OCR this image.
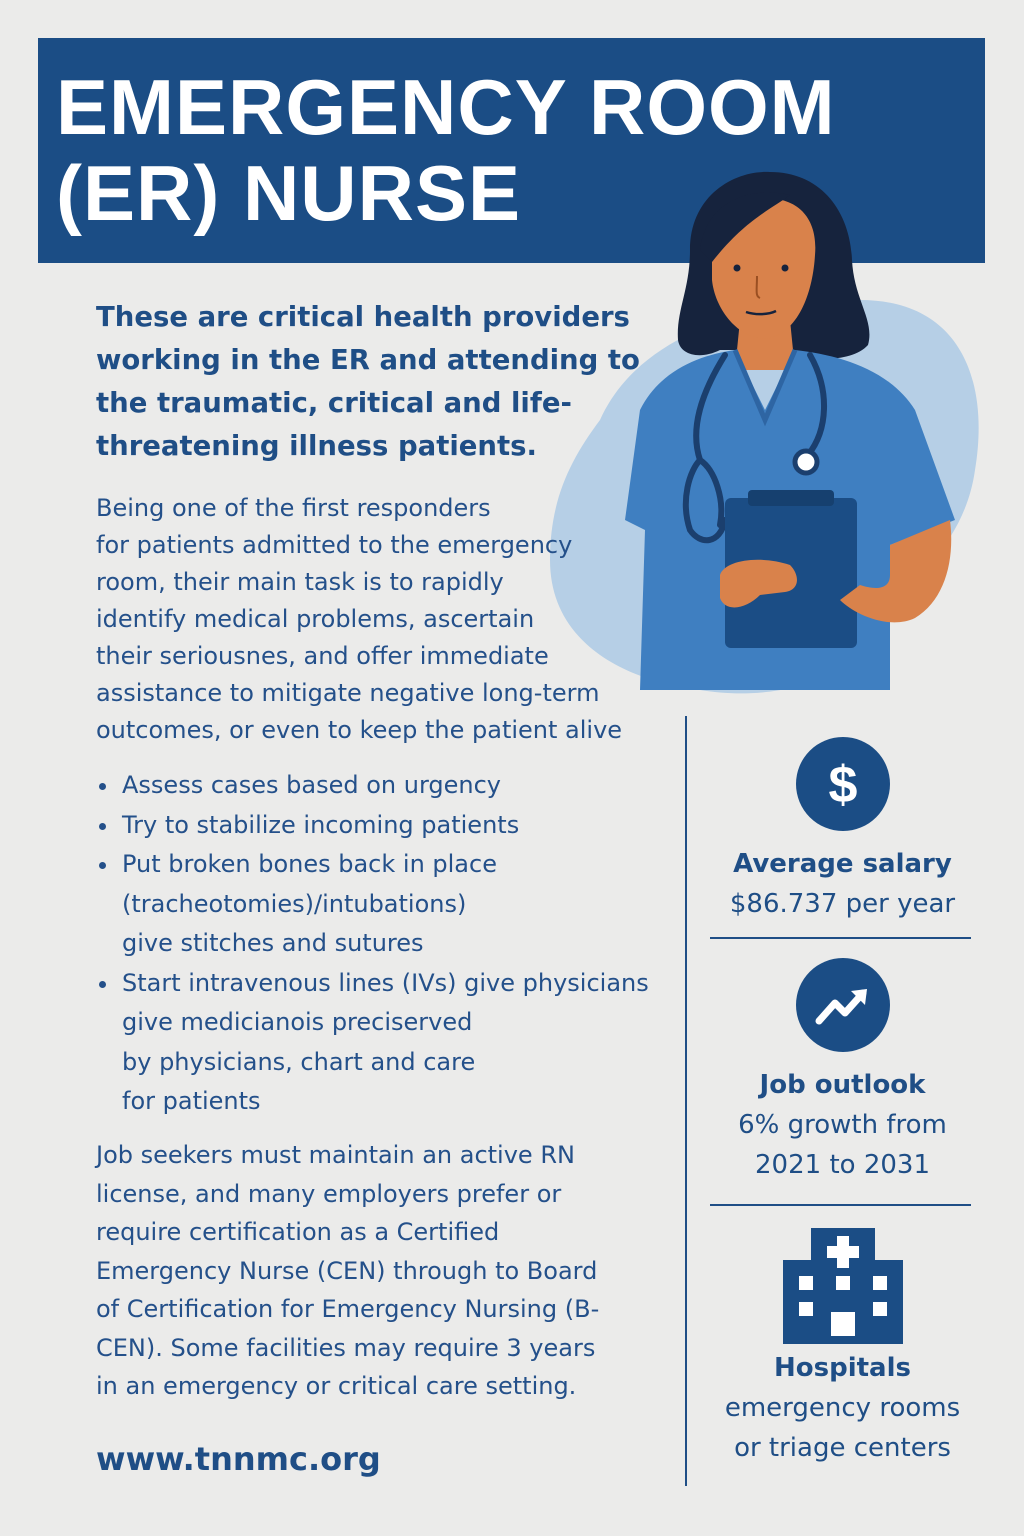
EMERGENCY ROOM
(ER) NURSE
These are critical health providers working in the ER and attending to the traumatic, critical and life-threatening illness patients.
Being one of the first responders
for patients admitted to the emergency
room, their main task is to rapidly
identify medical problems, ascertain
their seriousnes, and offer immediate
assistance to mitigate negative long-term
outcomes, or even to keep the patient alive
Assess cases based on urgency
Try to stabilize incoming patients
Put broken bones back in place
(tracheotomies)/intubations)
give stitches and sutures
Start intravenous lines (IVs) give physicians
give medicianois preciserved
by physicians, chart and care
for patients
Job seekers must maintain an active RN
license, and many employers prefer or
require certification as a Certified
Emergency Nurse (CEN) through to Board
of Certification for Emergency Nursing (B-
CEN). Some facilities may require 3 years
in an emergency or critical care setting.
www.tnnmc.org
$
Average salary
$86.737 per year
Job outlook
6% growth from
2021 to 2031
Hospitals
emergency rooms
or triage centers
